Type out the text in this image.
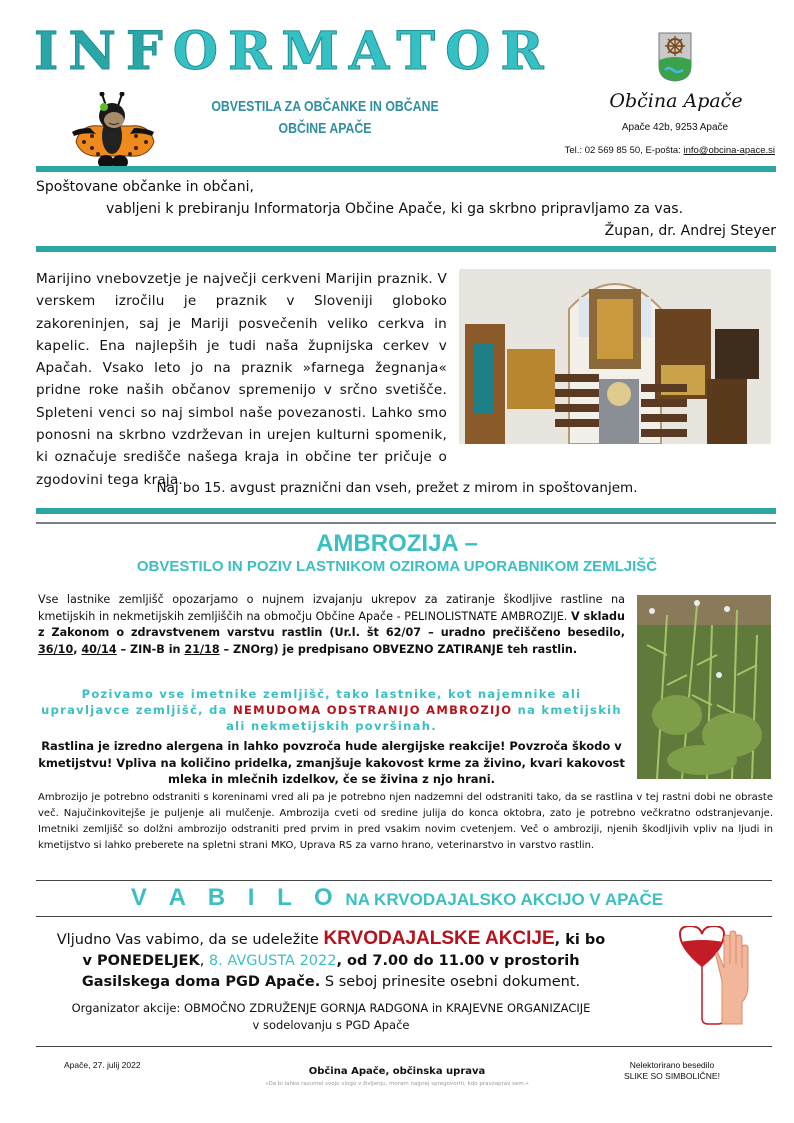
INFORMATOR
OBVESTILA ZA OBČANKE IN OBČANE
OBČINE APAČE
Občina Apače
Apače 42b, 9253 Apače
Tel.: 02 569 85 50, E-pošta: info@obcina-apace.si
Spoštovane občanke in občani,
vabljeni k prebiranju Informatorja Občine Apače, ki ga skrbno pripravljamo za vas.
Župan, dr. Andrej Steyer
Marijino vnebovzetje je največji cerkveni Marijin praznik. V verskem izročilu je praznik v Sloveniji globoko zakoreninjen, saj je Mariji posvečenih veliko cerkva in kapelic. Ena najlepših je tudi naša župnijska cerkev v Apačah. Vsako leto jo na praznik »farnega žegnanja« pridne roke naših občanov spremenijo v srčno svetišče. Spleteni venci so naj simbol naše povezanosti. Lahko smo ponosni na skrbno vzdrževan in urejen kulturni spomenik, ki označuje središče našega kraja in občine ter pričuje o zgodovini tega kraja.
Naj bo 15. avgust praznični dan vseh, prežet z mirom in spoštovanjem.
AMBROZIJA –
OBVESTILO IN POZIV LASTNIKOM OZIROMA UPORABNIKOM ZEMLJIŠČ
Vse lastnike zemljišč opozarjamo o nujnem izvajanju ukrepov za zatiranje škodljive rastline na kmetijskih in nekmetijskih zemljiščih na območju Občine Apače - PELINOLISTNATE AMBROZIJE. V skladu z Zakonom o zdravstvenem varstvu rastlin (Ur.l. št 62/07 – uradno prečiščeno besedilo, 36/10, 40/14 – ZIN-B in 21/18 – ZNOrg) je predpisano OBVEZNO ZATIRANJE teh rastlin.
Pozivamo vse imetnike zemljišč, tako lastnike, kot najemnike ali upravljavce zemljišč, da NEMUDOMA ODSTRANIJO AMBROZIJO na kmetijskih ali nekmetijskih površinah.
Rastlina je izredno alergena in lahko povzroča hude alergijske reakcije! Povzroča škodo v kmetijstvu! Vpliva na količino pridelka, zmanjšuje kakovost krme za živino, kvari kakovost mleka in mlečnih izdelkov, če se živina z njo hrani.
Ambrozijo je potrebno odstraniti s koreninami vred ali pa je potrebno njen nadzemni del odstraniti tako, da se rastlina v tej rastni dobi ne obraste več. Najučinkovitejše je puljenje ali mulčenje. Ambrozija cveti od sredine julija do konca oktobra, zato je potrebno večkratno odstranjevanje. Imetniki zemljišč so dolžni ambrozijo odstraniti pred prvim in pred vsakim novim cvetenjem. Več o ambroziji, njenih škodljivih vpliv na ljudi in kmetijstvo si lahko preberete na spletni strani MKO, Uprava RS za varno hrano, veterinarstvo in varstvo rastlin.
V A B I L O NA KRVODAJALSKO AKCIJO V APAČE
Vljudno Vas vabimo, da se udeležite KRVODAJALSKE AKCIJE, ki bo
v PONEDELJEK, 8. AVGUSTA 2022, od 7.00 do 11.00 v prostorih Gasilskega doma PGD Apače. S seboj prinesite osebni dokument.
Organizator akcije: OBMOČNO ZDRUŽENJE GORNJA RADGONA in KRAJEVNE ORGANIZACIJE
v sodelovanju s PGD Apače
Apače, 27. julij 2022
Občina Apače, občinska uprava
»Da bi lahko razumel svojo vlogo v življenju, moram najprej spregovoriti, kdo pravzaprav sem.«
Nelektorirano besedilo
SLIKE SO SIMBOLIČNE!
